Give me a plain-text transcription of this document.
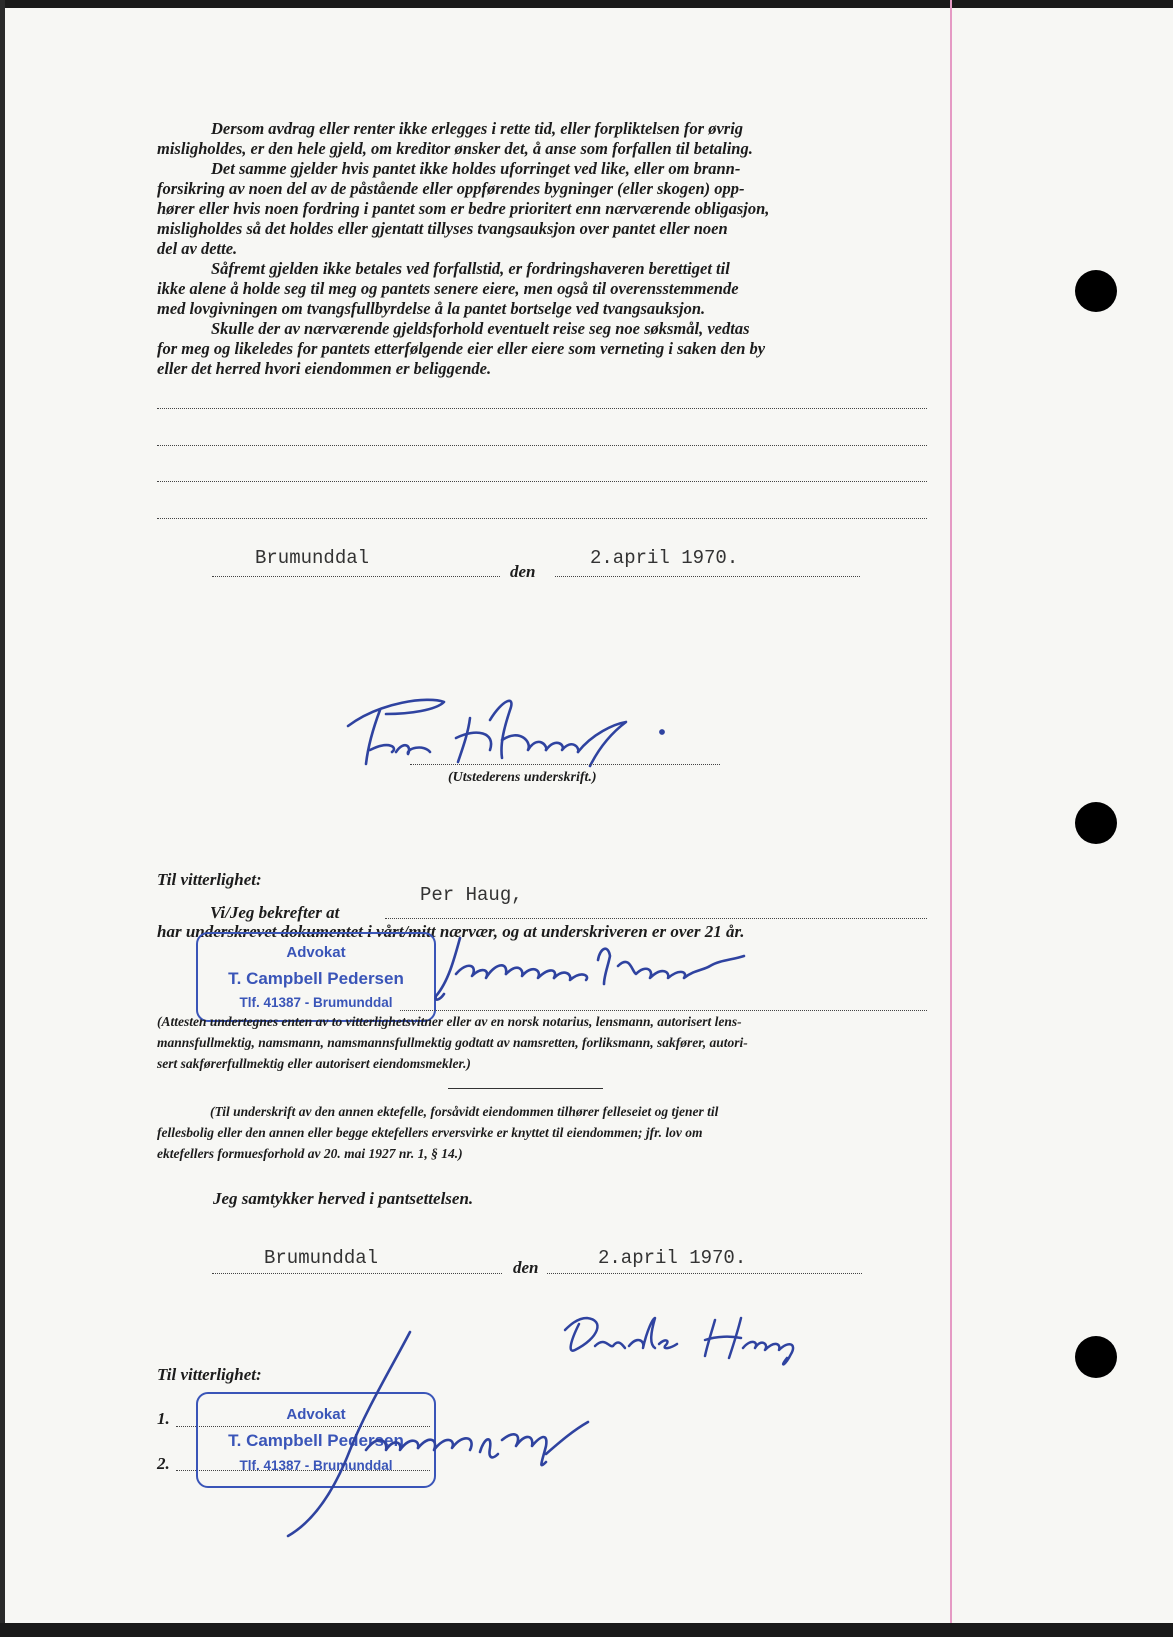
Dersom avdrag eller renter ikke erlegges i rette tid, eller forpliktelsen for øvrig
misligholdes, er den hele gjeld, om kreditor ønsker det, å anse som forfallen til betaling.
Det samme gjelder hvis pantet ikke holdes uforringet ved like, eller om brann-
forsikring av noen del av de påstående eller oppførendes bygninger (eller skogen) opp-
hører eller hvis noen fordring i pantet som er bedre prioritert enn nærværende obligasjon,
misligholdes så det holdes eller gjentatt tillyses tvangsauksjon over pantet eller noen
del av dette.
Såfremt gjelden ikke betales ved forfallstid, er fordringshaveren berettiget til
ikke alene å holde seg til meg og pantets senere eiere, men også til overensstemmende
med lovgivningen om tvangsfullbyrdelse å la pantet bortselge ved tvangsauksjon.
Skulle der av nærværende gjeldsforhold eventuelt reise seg noe søksmål, vedtas
for meg og likeledes for pantets etterfølgende eier eller eiere som verneting i saken den by
eller det herred hvori eiendommen er beliggende.
Brumunddal
den
2.april 1970.
(Utstederens underskrift.)
Til vitterlighet:
Vi/Jeg bekrefter at
Per Haug,
har underskrevet dokumentet i vårt/mitt nærvær, og at underskriveren er over 21 år.
Advokat
T. Campbell Pedersen
Tlf. 41387 - Brumunddal
(Attesten undertegnes enten av to vitterlighetsvitner eller av en norsk notarius, lensmann, autorisert lens-
mannsfullmektig, namsmann, namsmannsfullmektig godtatt av namsretten, forliksmann, sakfører, autori-
sert sakførerfullmektig eller autorisert eiendomsmekler.)
(Til underskrift av den annen ektefelle, forsåvidt eiendommen tilhører felleseiet og tjener til
fellesbolig eller den annen eller begge ektefellers erversvirke er knyttet til eiendommen; jfr. lov om
ektefellers formuesforhold av 20. mai 1927 nr. 1, § 14.)
Jeg samtykker herved i pantsettelsen.
Brumunddal	den	2.april 1970.
Til vitterlighet:
1.
2.
Advokat
T. Campbell Pedersen
Tlf. 41387 - Brumunddal
